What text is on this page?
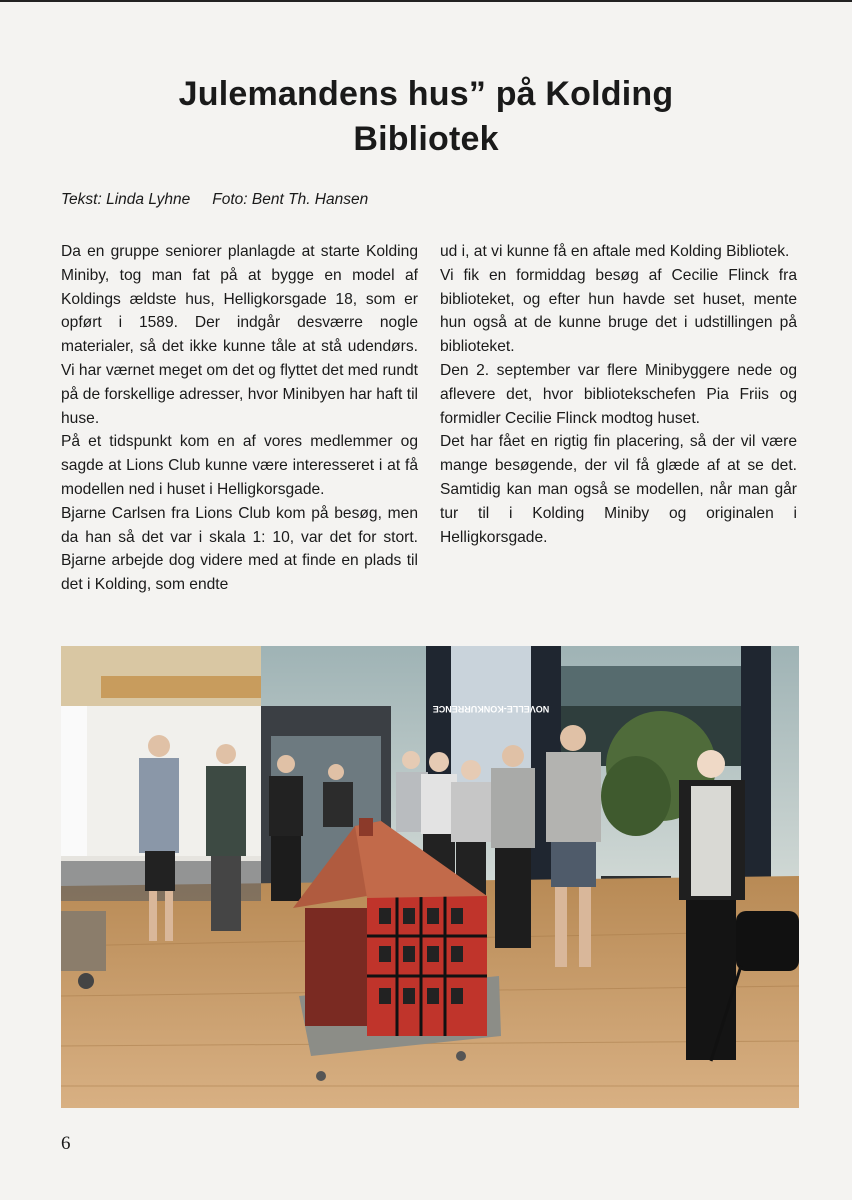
Julemandens hus” på Kolding
Bibliotek
Tekst: Linda Lyhne Foto: Bent Th. Hansen

Da en gruppe seniorer planlagde at starte Kolding Miniby, tog man fat på at bygge en model af Koldings ældste hus, Helligkorsgade 18, som er opført i 1589. Der indgår desværre nogle materialer, så det ikke kunne tåle at stå udendørs. Vi har værnet meget om det og flyttet det med rundt på de forskellige adresser, hvor Minibyen har haft til huse.

På et tidspunkt kom en af vores medlemmer og sagde at Lions Club kunne være interesseret i at få modellen ned i huset i Helligkorsgade.

Bjarne Carlsen fra Lions Club kom på besøg, men da han så det var i skala 1: 10, var det for stort. Bjarne arbejde dog videre med at finde en plads til det i Kolding, som endte

ud i, at vi kunne få en aftale med Kolding Bibliotek.

Vi fik en formiddag besøg af Cecilie Flinck fra biblioteket, og efter hun havde set huset, mente hun også at de kunne bruge det i udstillingen på biblioteket.

Den 2. september var flere Minibyggere nede og aflevere det, hvor bibliotekschefen Pia Friis og formidler Cecilie Flinck modtog huset.

Det har fået en rigtig fin placering, så der vil være mange besøgende, der vil få glæde af at se det. Samtidig kan man også se modellen, når man går tur til i Kolding Miniby og originalen i Helligkorsgade.

NOVELLE-KONKURRENCE
6
